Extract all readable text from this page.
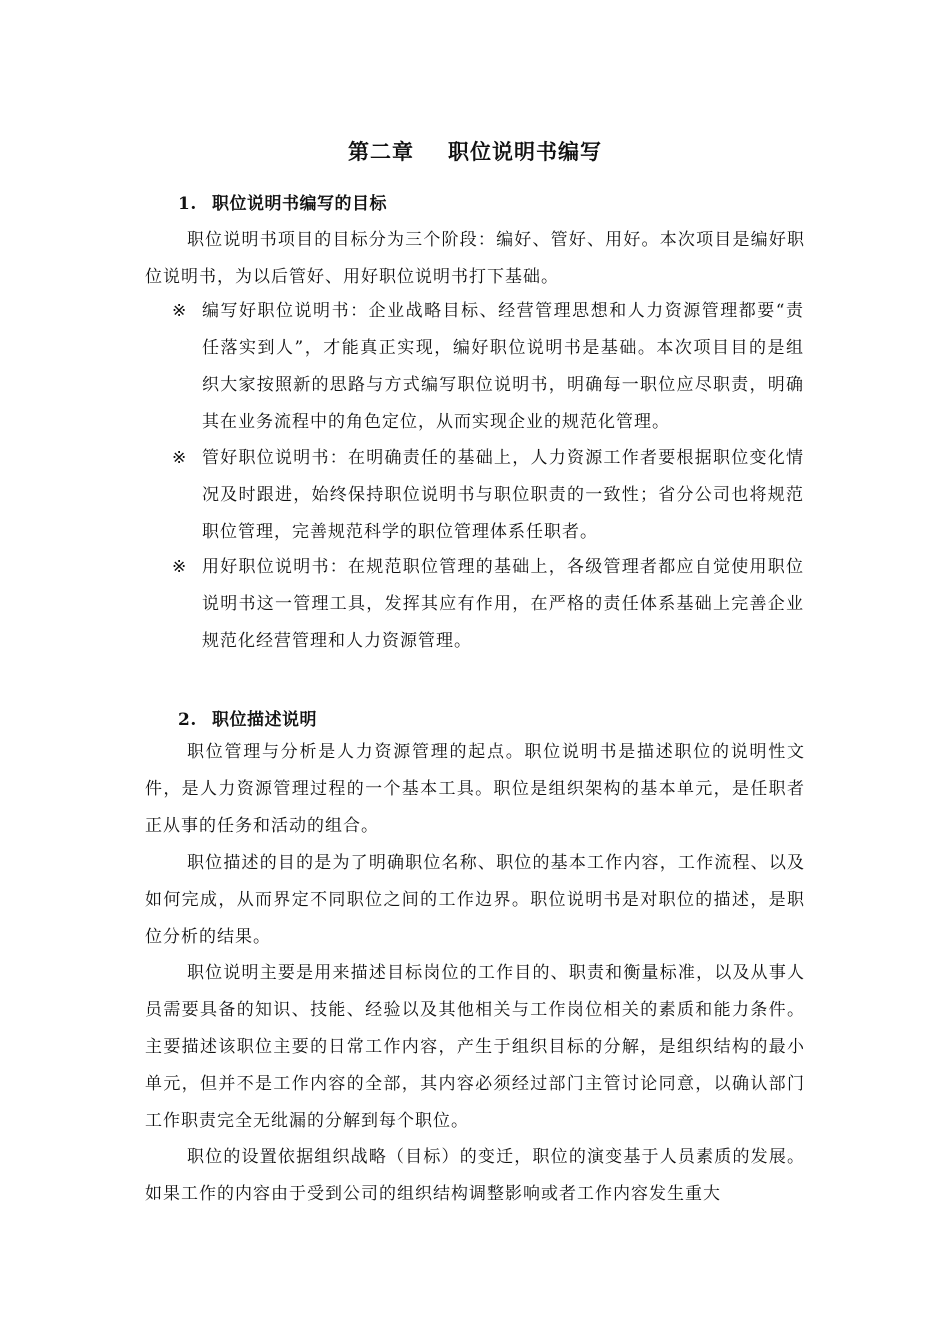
第二章 职位说明书编写
1. 职位说明书编写的目标
职位说明书项目的目标分为三个阶段：编好、管好、用好。本次项目是编好职位说明书，为以后管好、用好职位说明书打下基础。
※ 编写好职位说明书：企业战略目标、经营管理思想和人力资源管理都要“责任落实到人”，才能真正实现，编好职位说明书是基础。本次项目目的是组织大家按照新的思路与方式编写职位说明书，明确每一职位应尽职责，明确其在业务流程中的角色定位，从而实现企业的规范化管理。
※ 管好职位说明书：在明确责任的基础上，人力资源工作者要根据职位变化情况及时跟进，始终保持职位说明书与职位职责的一致性；省分公司也将规范职位管理，完善规范科学的职位管理体系任职者。
※ 用好职位说明书：在规范职位管理的基础上，各级管理者都应自觉使用职位说明书这一管理工具，发挥其应有作用，在严格的责任体系基础上完善企业规范化经营管理和人力资源管理。
2. 职位描述说明
职位管理与分析是人力资源管理的起点。职位说明书是描述职位的说明性文件，是人力资源管理过程的一个基本工具。职位是组织架构的基本单元，是任职者正从事的任务和活动的组合。
职位描述的目的是为了明确职位名称、职位的基本工作内容，工作流程、以及如何完成，从而界定不同职位之间的工作边界。职位说明书是对职位的描述，是职位分析的结果。
职位说明主要是用来描述目标岗位的工作目的、职责和衡量标准，以及从事人员需要具备的知识、技能、经验以及其他相关与工作岗位相关的素质和能力条件。主要描述该职位主要的日常工作内容，产生于组织目标的分解，是组织结构的最小单元，但并不是工作内容的全部，其内容必须经过部门主管讨论同意，以确认部门工作职责完全无纰漏的分解到每个职位。
职位的设置依据组织战略（目标）的变迁，职位的演变基于人员素质的发展。如果工作的内容由于受到公司的组织结构调整影响或者工作内容发生重大
